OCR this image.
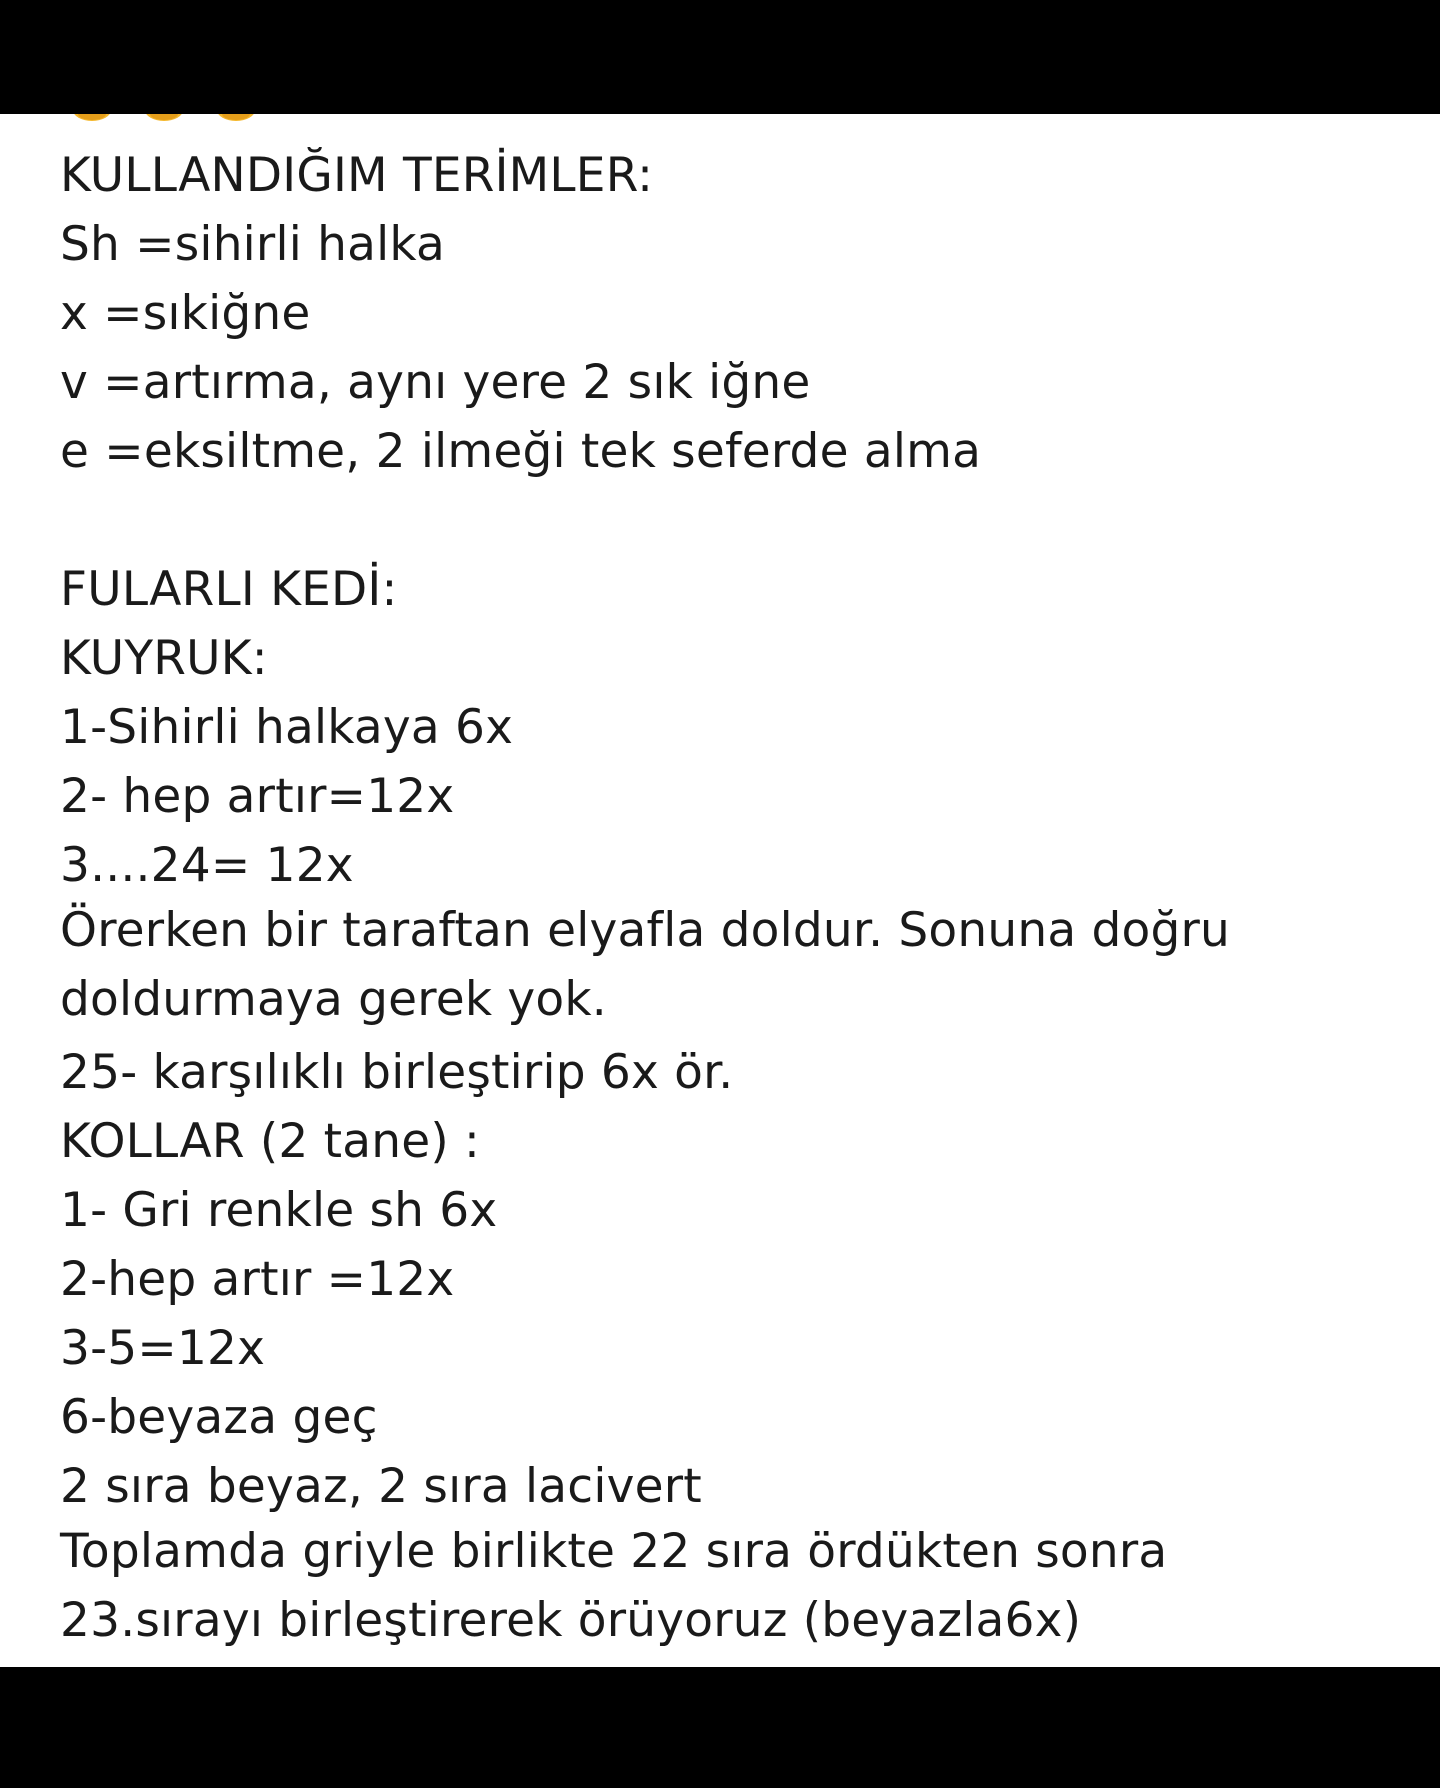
KULLANDIĞIM TERİMLER:
Sh =sihirli halka
x =sıkiğne
v =artırma, aynı yere 2 sık iğne
e =eksiltme, 2 ilmeği tek seferde alma
FULARLI KEDİ:
KUYRUK:
1-Sihirli halkaya 6x
2- hep artır=12x
3....24= 12x
Örerken bir taraftan elyafla doldur. Sonuna doğru
doldurmaya gerek yok.
25- karşılıklı birleştirip 6x ör.
KOLLAR (2 tane) :
1- Gri renkle sh 6x
2-hep artır =12x
3-5=12x
6-beyaza geç
2 sıra beyaz, 2 sıra lacivert
Toplamda griyle birlikte 22 sıra ördükten sonra
23.sırayı birleştirerek örüyoruz (beyazla6x)
